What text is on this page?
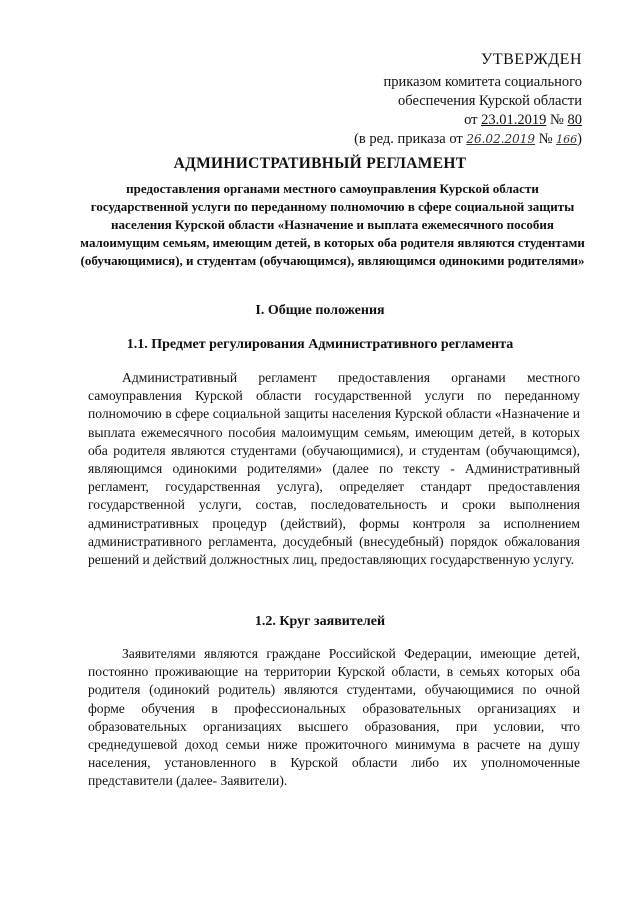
УТВЕРЖДЕН
приказом комитета социального
обеспечения Курской области
от 23.01.2019 № 80
(в ред. приказа от 26.02.2019 № 166)
АДМИНИСТРАТИВНЫЙ РЕГЛАМЕНТ
предоставления органами местного самоуправления Курской области государственной услуги по переданному полномочию в сфере социальной защиты населения Курской области «Назначение и выплата ежемесячного пособия малоимущим семьям, имеющим детей, в которых оба родителя являются студентами (обучающимися), и студентам (обучающимся), являющимся одинокими родителями»
I. Общие положения
1.1. Предмет регулирования Административного регламента
Административный регламент предоставления органами местного самоуправления Курской области государственной услуги по переданному полномочию в сфере социальной защиты населения Курской области «Назначение и выплата ежемесячного пособия малоимущим семьям, имеющим детей, в которых оба родителя являются студентами (обучающимися), и студентам (обучающимся), являющимся одинокими родителями» (далее по тексту - Административный регламент, государственная услуга), определяет стандарт предоставления государственной услуги, состав, последовательность и сроки выполнения административных процедур (действий), формы контроля за исполнением административного регламента, досудебный (внесудебный) порядок обжалования решений и действий должностных лиц, предоставляющих государственную услугу.
1.2. Круг заявителей
Заявителями являются граждане Российской Федерации, имеющие детей, постоянно проживающие на территории Курской области, в семьях которых оба родителя (одинокий родитель) являются студентами, обучающимися по очной форме обучения в профессиональных образовательных организациях и образовательных организациях высшего образования, при условии, что среднедушевой доход семьи ниже прожиточного минимума в расчете на душу населения, установленного в Курской области либо их уполномоченные представители (далее- Заявители).
